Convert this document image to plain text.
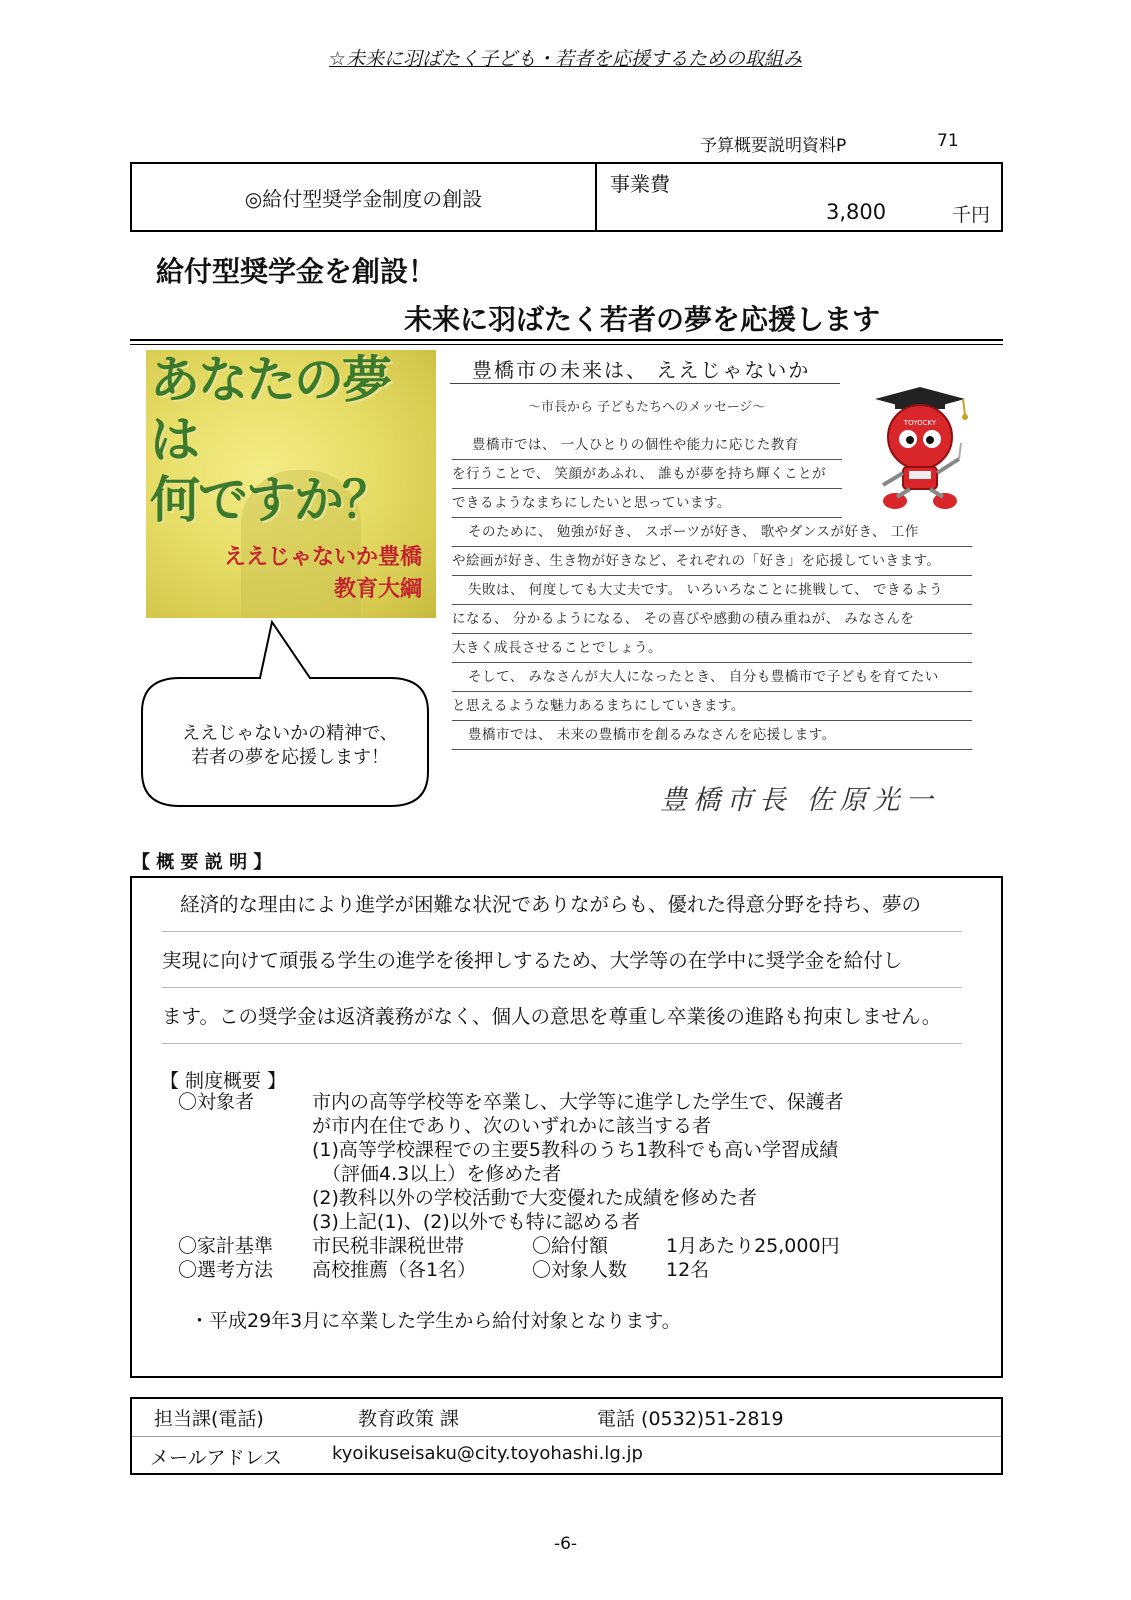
☆未来に羽ばたく子ども・若者を応援するための取組み
予算概要説明資料P	71
◎給付型奨学金制度の創設
事業費
3,800	千円
給付型奨学金を創設！
未来に羽ばたく若者の夢を応援します
あなたの夢は
何ですか？
ええじゃないか豊橋
教育大綱
ええじゃないかの精神で、
若者の夢を応援します！
豊橋市の未来は、 ええじゃないか
〜市長から 子どもたちへのメッセージ〜
豊橋市では、 一人ひとりの個性や能力に応じた教育
を行うことで、 笑顔があふれ、 誰もが夢を持ち輝くことが
できるようなまちにしたいと思っています。
そのために、 勉強が好き、 スポーツが好き、 歌やダンスが好き、 工作
や絵画が好き、生き物が好きなど、それぞれの「好き」を応援していきます。
失敗は、 何度しても大丈夫です。 いろいろなことに挑戦して、 できるよう
になる、 分かるようになる、 その喜びや感動の積み重ねが、 みなさんを
大きく成長させることでしょう。
そして、 みなさんが大人になったとき、 自分も豊橋市で子どもを育てたい
と思えるような魅力あるまちにしていきます。
豊橋市では、 未来の豊橋市を創るみなさんを応援します。
豊橋市長 佐原光一
TOYOCKY
【 概 要 説 明 】
経済的な理由により進学が困難な状況でありながらも、優れた得意分野を持ち、夢の
実現に向けて頑張る学生の進学を後押しするため、大学等の在学中に奨学金を給付し
ます。この奨学金は返済義務がなく、個人の意思を尊重し卒業後の進路も拘束しません。
【 制度概要 】
〇対象者	市内の高等学校等を卒業し、大学等に進学した学生で、保護者
が市内在住であり、次のいずれかに該当する者
(1)高等学校課程での主要5教科のうち1教科でも高い学習成績
（評価4.3以上）を修めた者
(2)教科以外の学校活動で大変優れた成績を修めた者
(3)上記(1)、(2)以外でも特に認める者
〇家計基準 市民税非課税世帯	〇給付額	1月あたり25,000円
〇選考方法 高校推薦（各1名）	〇対象人数 12名
・平成29年3月に卒業した学生から給付対象となります。
担当課(電話)	教育政策 課	電話 (0532)51-2819
メールアドレス	kyoikuseisaku@city.toyohashi.lg.jp
-6-
